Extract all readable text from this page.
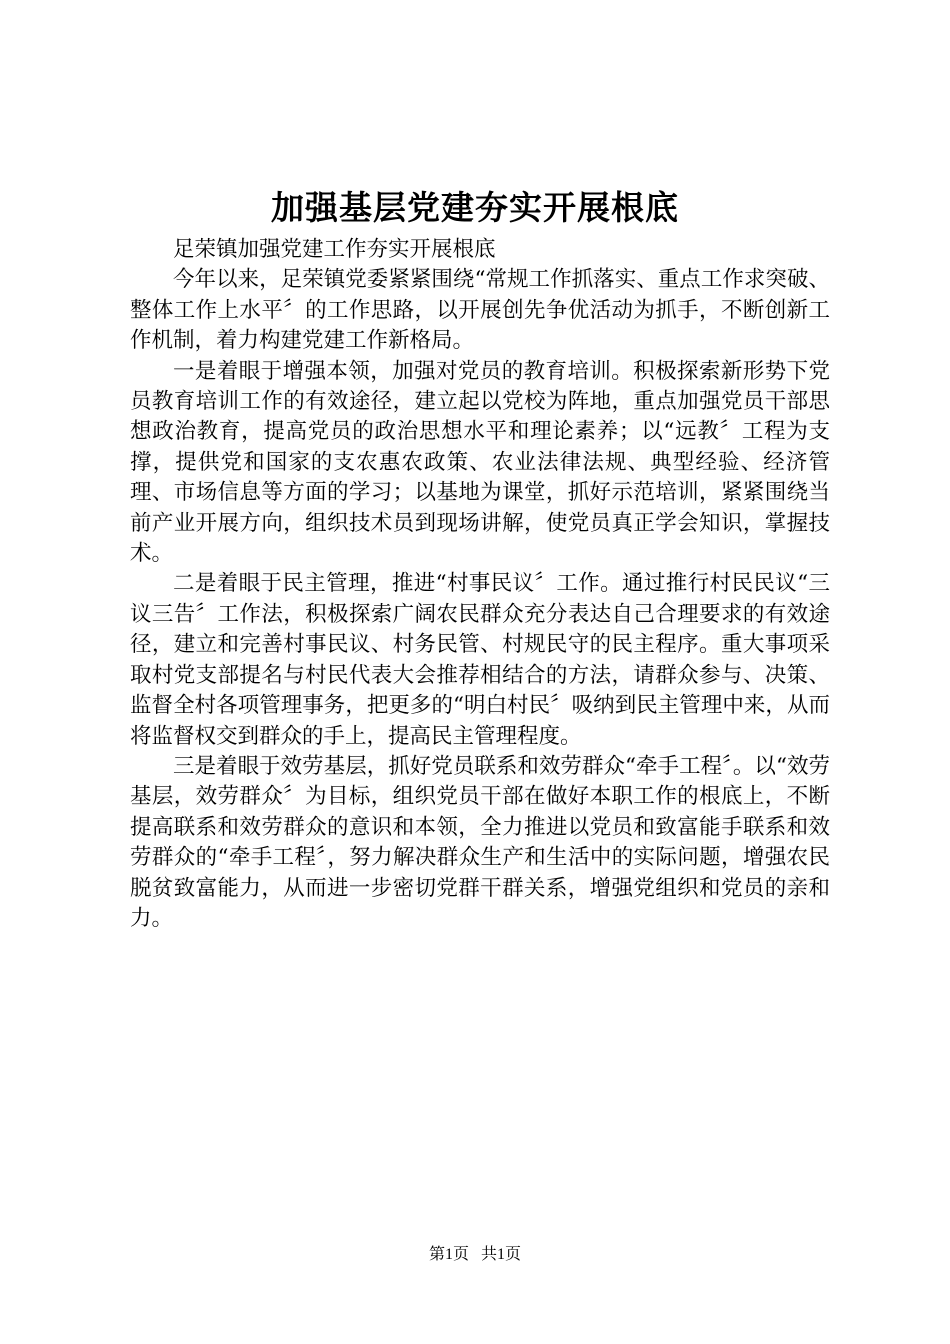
加强基层党建夯实开展根底

足荣镇加强党建工作夯实开展根底

今年以来，足荣镇党委紧紧围绕“常规工作抓落实、重点工作求突破、整体工作上水平〞的工作思路，以开展创先争优活动为抓手，不断创新工作机制，着力构建党建工作新格局。

一是着眼于增强本领，加强对党员的教育培训。积极探索新形势下党员教育培训工作的有效途径，建立起以党校为阵地，重点加强党员干部思想政治教育，提高党员的政治思想水平和理论素养；以“远教〞工程为支撑，提供党和国家的支农惠农政策、农业法律法规、典型经验、经济管理、市场信息等方面的学习；以基地为课堂，抓好示范培训，紧紧围绕当前产业开展方向，组织技术员到现场讲解，使党员真正学会知识，掌握技术。

二是着眼于民主管理，推进“村事民议〞工作。通过推行村民民议“三议三告〞工作法，积极探索广阔农民群众充分表达自己合理要求的有效途径，建立和完善村事民议、村务民管、村规民守的民主程序。重大事项采取村党支部提名与村民代表大会推荐相结合的方法，请群众参与、决策、监督全村各项管理事务，把更多的“明白村民〞吸纳到民主管理中来，从而将监督权交到群众的手上，提高民主管理程度。

三是着眼于效劳基层，抓好党员联系和效劳群众“牵手工程〞。以“效劳基层，效劳群众〞为目标，组织党员干部在做好本职工作的根底上，不断提高联系和效劳群众的意识和本领，全力推进以党员和致富能手联系和效劳群众的“牵手工程〞，努力解决群众生产和生活中的实际问题，增强农民脱贫致富能力，从而进一步密切党群干群关系，增强党组织和党员的亲和力。

第1页 共1页
